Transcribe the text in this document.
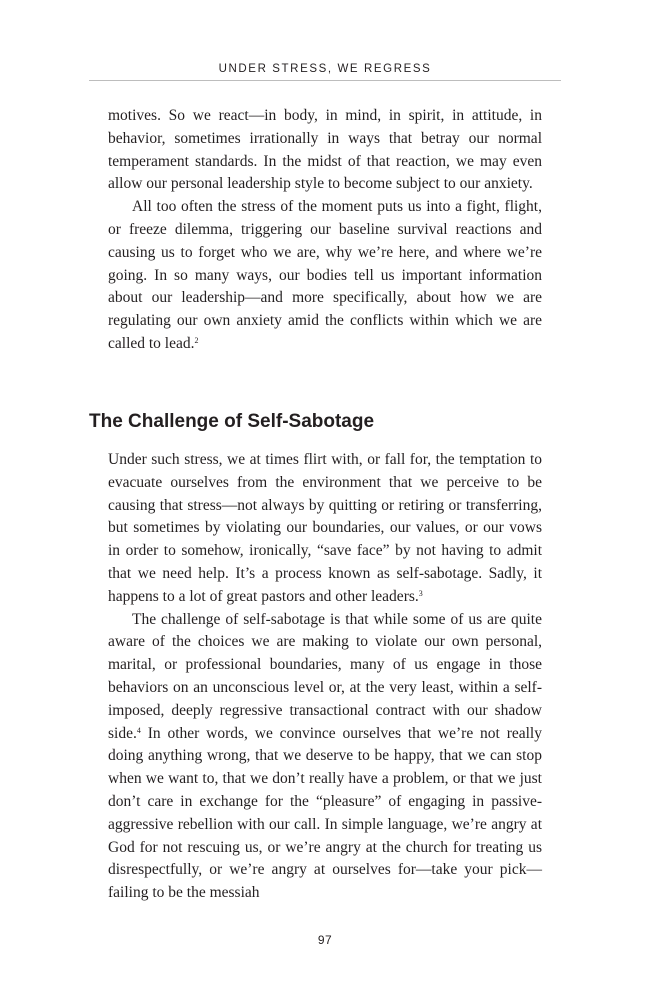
UNDER STRESS, WE REGRESS

motives. So we react—in body, in mind, in spirit, in attitude, in behavior, sometimes irrationally in ways that betray our normal temperament standards. In the midst of that reaction, we may even allow our personal leadership style to become subject to our anxiety.

All too often the stress of the moment puts us into a fight, flight, or freeze dilemma, triggering our baseline survival reactions and causing us to forget who we are, why we’re here, and where we’re going. In so many ways, our bodies tell us important information about our leadership—and more specifically, about how we are regulating our own anxiety amid the conflicts within which we are called to lead.$^2$

The Challenge of Self-Sabotage

Under such stress, we at times flirt with, or fall for, the temptation to evacuate ourselves from the environment that we perceive to be causing that stress—not always by quitting or retiring or transferring, but sometimes by violating our boundaries, our values, or our vows in order to somehow, ironically, “save face” by not having to admit that we need help. It’s a process known as self-sabotage. Sadly, it happens to a lot of great pastors and other leaders.$^3$

The challenge of self-sabotage is that while some of us are quite aware of the choices we are making to violate our own personal, marital, or professional boundaries, many of us engage in those behaviors on an unconscious level or, at the very least, within a self-imposed, deeply regressive transactional contract with our shadow side.$^4$ In other words, we convince ourselves that we’re not really doing anything wrong, that we deserve to be happy, that we can stop when we want to, that we don’t really have a problem, or that we just don’t care in exchange for the “pleasure” of engaging in passive-aggressive rebellion with our call. In simple language, we’re angry at God for not rescuing us, or we’re angry at the church for treating us disrespectfully, or we’re angry at ourselves for—take your pick—failing to be the messiah

97
